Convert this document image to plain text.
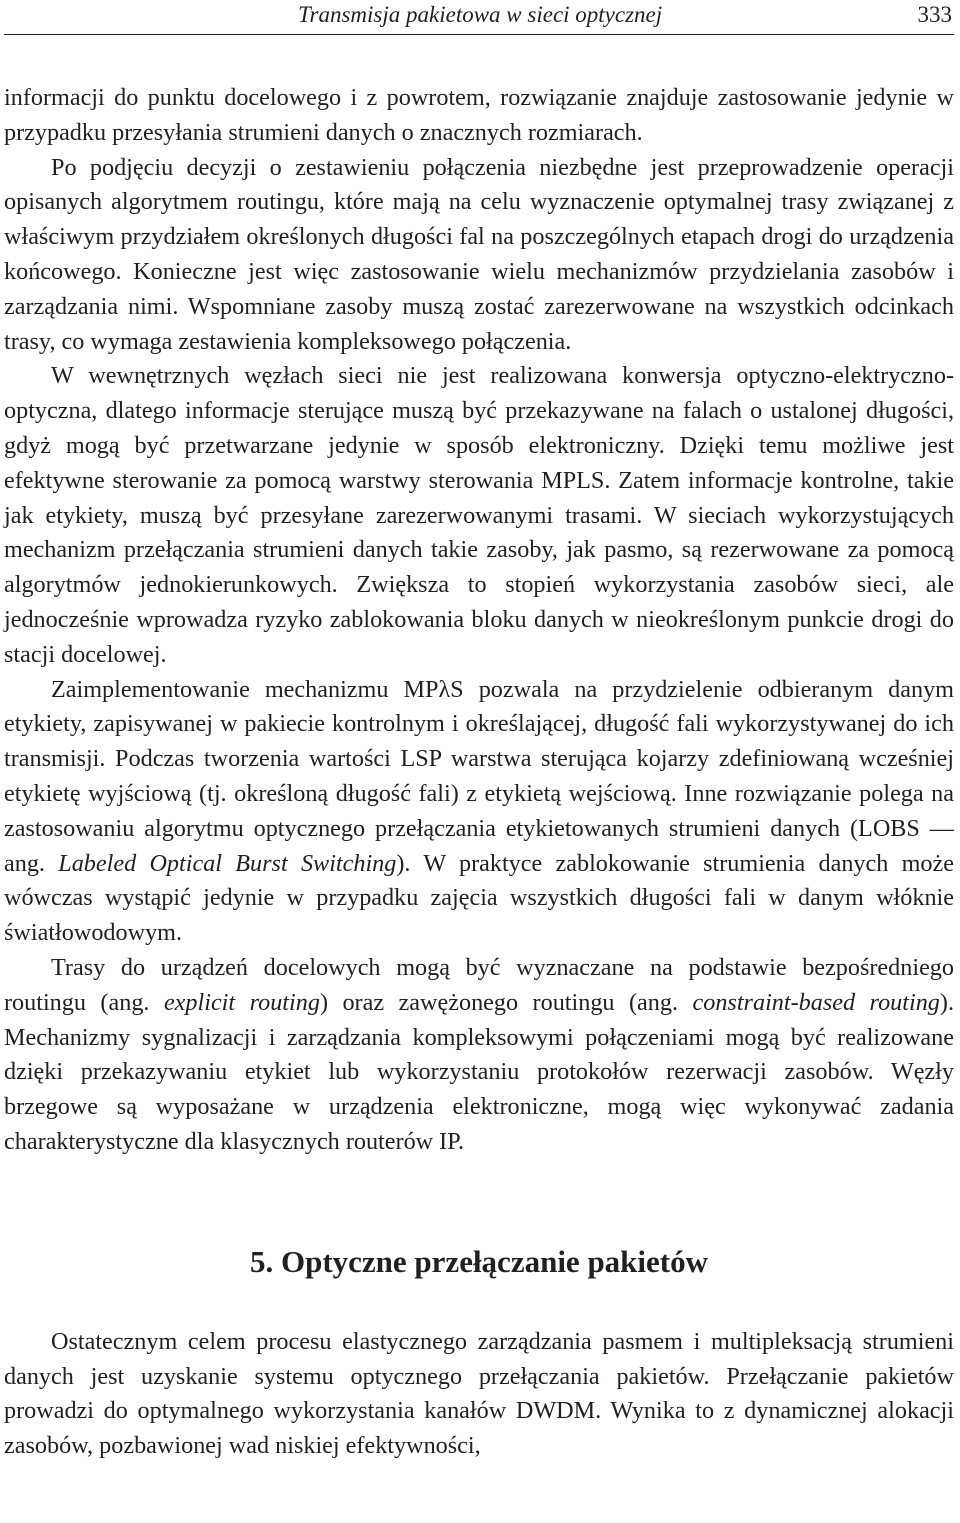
Transmisja pakietowa w sieci optycznej	333

informacji do punktu docelowego i z powrotem, rozwiązanie znajduje zastosowanie jedynie w przypadku przesyłania strumieni danych o znacznych rozmiarach.

Po podjęciu decyzji o zestawieniu połączenia niezbędne jest przeprowadzenie operacji opisanych algorytmem routingu, które mają na celu wyznaczenie optymalnej trasy związanej z właściwym przydziałem określonych długości fal na poszczególnych etapach drogi do urządzenia końcowego. Konieczne jest więc zastosowanie wielu mechanizmów przydzielania zasobów i zarządzania nimi. Wspomniane zasoby muszą zostać zarezerwowane na wszystkich odcinkach trasy, co wymaga zestawienia kompleksowego połączenia.

W wewnętrznych węzłach sieci nie jest realizowana konwersja optyczno-elektryczno-optyczna, dlatego informacje sterujące muszą być przekazywane na falach o ustalonej długości, gdyż mogą być przetwarzane jedynie w sposób elektroniczny. Dzięki temu możliwe jest efektywne sterowanie za pomocą warstwy sterowania MPLS. Zatem informacje kontrolne, takie jak etykiety, muszą być przesyłane zarezerwowanymi trasami. W sieciach wykorzystujących mechanizm przełączania strumieni danych takie zasoby, jak pasmo, są rezerwowane za pomocą algorytmów jednokierunkowych. Zwiększa to stopień wykorzystania zasobów sieci, ale jednocześnie wprowadza ryzyko zablokowania bloku danych w nieokreślonym punkcie drogi do stacji docelowej.

Zaimplementowanie mechanizmu MPλS pozwala na przydzielenie odbieranym danym etykiety, zapisywanej w pakiecie kontrolnym i określającej, długość fali wykorzystywanej do ich transmisji. Podczas tworzenia wartości LSP warstwa sterująca kojarzy zdefiniowaną wcześniej etykietę wyjściową (tj. określoną długość fali) z etykietą wejściową. Inne rozwiązanie polega na zastosowaniu algorytmu optycznego przełączania etykietowanych strumieni danych (LOBS — ang. Labeled Optical Burst Switching). W praktyce zablokowanie strumienia danych może wówczas wystąpić jedynie w przypadku zajęcia wszystkich długości fali w danym włóknie światłowodowym.

Trasy do urządzeń docelowych mogą być wyznaczane na podstawie bezpośredniego routingu (ang. explicit routing) oraz zawężonego routingu (ang. constraint-based routing). Mechanizmy sygnalizacji i zarządzania kompleksowymi połączeniami mogą być realizowane dzięki przekazywaniu etykiet lub wykorzystaniu protokołów rezerwacji zasobów. Węzły brzegowe są wyposażane w urządzenia elektroniczne, mogą więc wykonywać zadania charakterystyczne dla klasycznych routerów IP.

5. Optyczne przełączanie pakietów

Ostatecznym celem procesu elastycznego zarządzania pasmem i multipleksacją strumieni danych jest uzyskanie systemu optycznego przełączania pakietów. Przełączanie pakietów prowadzi do optymalnego wykorzystania kanałów DWDM. Wynika to z dynamicznej alokacji zasobów, pozbawionej wad niskiej efektywności,
